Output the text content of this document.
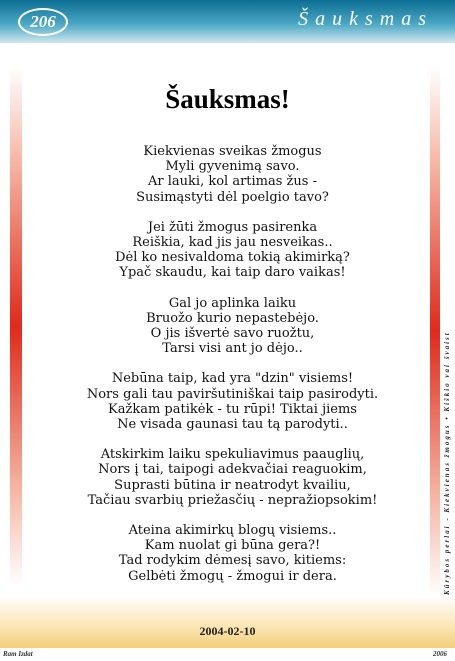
206	Šauksmas
Kūrybos perlai - Kiekvienas žmogus • Kiškio vai švaist
Šauksmas!
Kiekvienas sveikas žmogus
Myli gyvenimą savo.
Ar lauki, kol artimas žus -
Susimąstyti dėl poelgio tavo?
Jei žūti žmogus pasirenka
Reiškia, kad jis jau nesveikas..
Dėl ko nesivaldoma tokią akimirką?
Ypač skaudu, kai taip daro vaikas!
Gal jo aplinka laiku
Bruožo kurio nepastebėjo.
O jis išvertė savo ruožtu,
Tarsi visi ant jo dėjo..
Nebūna taip, kad yra "dzin" visiems!
Nors gali tau paviršutiniškai taip pasirodyti.
Kažkam patikėk - tu rūpi! Tiktai jiems
Ne visada gaunasi tau tą parodyti..
Atskirkim laiku spekuliavimus paauglių,
Nors į tai, taipogi adekvačiai reaguokim,
Suprasti būtina ir neatrodyt kvailiu,
Tačiau svarbių priežasčių - nepražiopsokim!
Ateina akimirkų blogų visiems..
Kam nuolat gi būna gera?!
Tad rodykim dėmesį savo, kitiems:
Gelbėti žmogų - žmogui ir dera.
2004-02-10
Ram Izdat	2006
